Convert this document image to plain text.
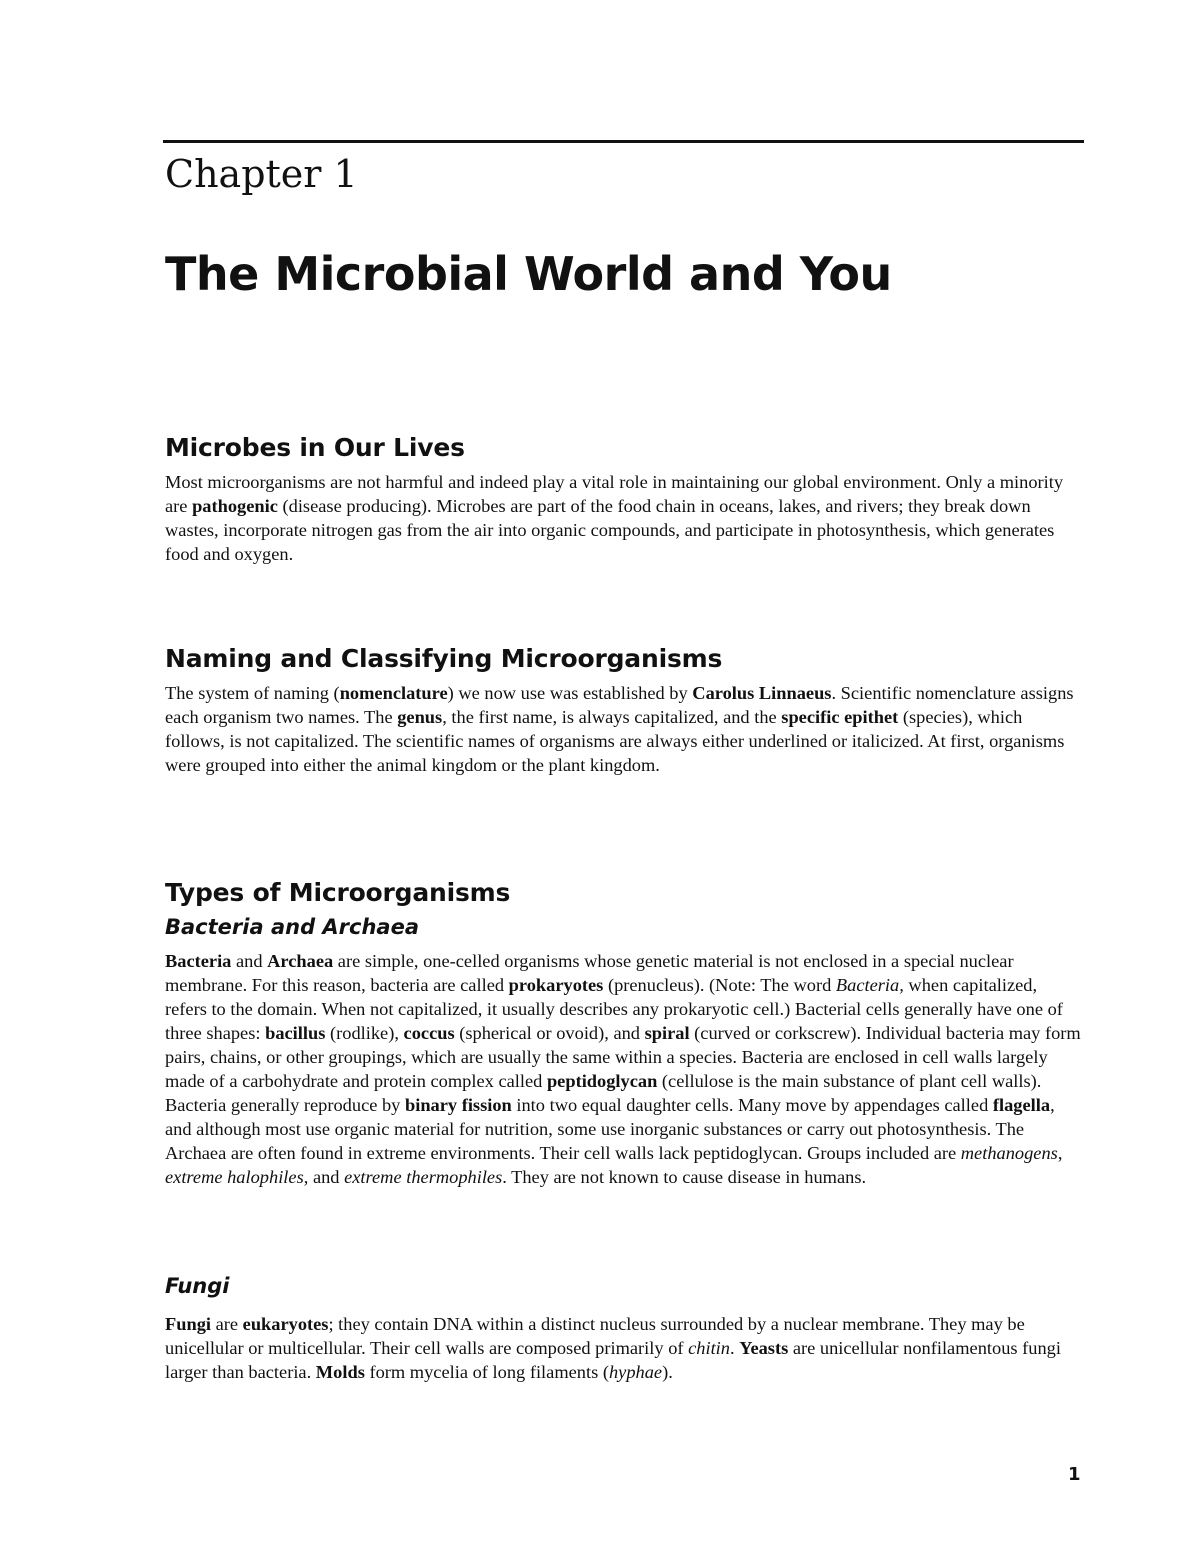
Chapter 1
The Microbial World and You
Microbes in Our Lives

Most microorganisms are not harmful and indeed play a vital role in maintaining our global environment. Only a minority are pathogenic (disease producing). Microbes are part of the food chain in oceans, lakes, and rivers; they break down wastes, incorporate nitrogen gas from the air into organic compounds, and participate in photosynthesis, which generates food and oxygen.

Naming and Classifying Microorganisms

The system of naming (nomenclature) we now use was established by Carolus Linnaeus. Scientific nomenclature assigns each organism two names. The genus, the first name, is always capitalized, and the specific epithet (species), which follows, is not capitalized. The scientific names of organisms are always either underlined or italicized. At first, organisms were grouped into either the animal kingdom or the plant kingdom.

Types of Microorganisms
Bacteria and Archaea

Bacteria and Archaea are simple, one-celled organisms whose genetic material is not enclosed in a special nuclear membrane. For this reason, bacteria are called prokaryotes (prenucleus). (Note: The word Bacteria, when capitalized, refers to the domain. When not capitalized, it usually describes any prokaryotic cell.) Bacterial cells generally have one of three shapes: bacillus (rodlike), coccus (spherical or ovoid), and spiral (curved or corkscrew). Individual bacteria may form pairs, chains, or other groupings, which are usually the same within a species. Bacteria are enclosed in cell walls largely made of a carbohydrate and protein complex called peptidoglycan (cellulose is the main substance of plant cell walls). Bacteria generally reproduce by binary fission into two equal daughter cells. Many move by appendages called flagella, and although most use organic material for nutrition, some use inorganic substances or carry out photosynthesis. The Archaea are often found in extreme environments. Their cell walls lack peptidoglycan. Groups included are methanogens, extreme halophiles, and extreme thermophiles. They are not known to cause disease in humans.

Fungi

Fungi are eukaryotes; they contain DNA within a distinct nucleus surrounded by a nuclear membrane. They may be unicellular or multicellular. Their cell walls are composed primarily of chitin. Yeasts are unicellular nonfilamentous fungi larger than bacteria. Molds form mycelia of long filaments (hyphae).

1
